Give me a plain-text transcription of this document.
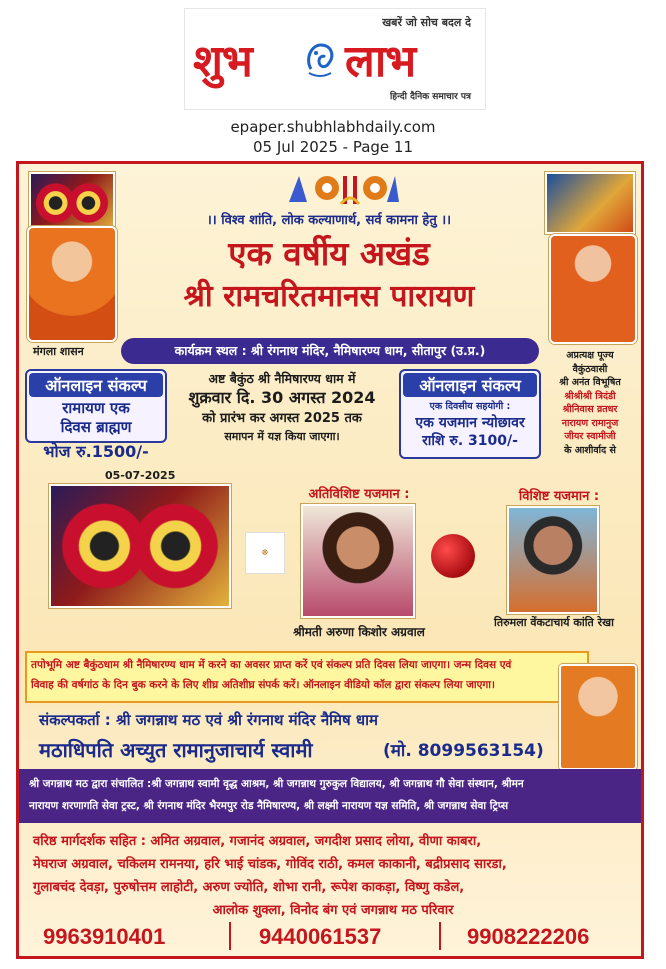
खबरें जो सोच बदल दे
शुभ लाभ
हिन्दी दैनिक समाचार पत्र
epaper.shubhlabhdaily.com
05 Jul 2025 - Page 11
।। विश्व शांति, लोक कल्याणार्थ, सर्व कामना हेतु ।।
एक वर्षीय अखंड
श्री रामचरितमानस पारायण
मंगला शासन	अप्रत्यक्ष पूज्य
वैकुंठवासी
श्री अनंत विभूषित
श्रीश्रीश्री त्रिदंडी
श्रीनिवास व्रतधर
नारायण रामानुज
जीयर स्वामीजी
के आशीर्वाद से
कार्यक्रम स्थल : श्री रंगनाथ मंदिर, नैमिषारण्य धाम, सीतापुर (उ.प्र.)
ऑनलाइन संकल्प
रामायण एक
दिवस ब्राह्मण
भोज रु.1500/-
अष्ट बैकुंठ श्री नैमिषारण्य धाम में
शुक्रवार दि. 30 अगस्त 2024
को प्रारंभ कर अगस्त 2025 तक
समापन में यज्ञ किया जाएगा।
ऑनलाइन संकल्प
एक दिवसीय सहयोगी :
एक यजमान न्योछावर
राशि रु. 3100/-
05-07-2025
☸
अतिविशिष्ट यजमान :
श्रीमती अरुणा किशोर अग्रवाल
विशिष्ट यजमान :
तिरुमला वेंकटाचार्य कांति रेखा
तपोभूमि अष्ट बैकुंठधाम श्री नैमिषारण्य धाम में करने का अवसर प्राप्त करें एवं संकल्प प्रति दिवस लिया जाएगा। जन्म दिवस एवं
विवाह की वर्षगांठ के दिन बुक करने के लिए शीघ्र अतिशीघ्र संपर्क करें। ऑनलाइन वीडियो कॉल द्वारा संकल्प लिया जाएगा।
संकल्पकर्ता : श्री जगन्नाथ मठ एवं श्री रंगनाथ मंदिर नैमिष धाम
मठाधिपति अच्युत रामानुजाचार्य स्वामी	(मो. 8099563154)
श्री जगन्नाथ मठ द्वारा संचालित :श्री जगन्नाथ स्वामी वृद्ध आश्रम, श्री जगन्नाथ गुरुकुल विद्यालय, श्री जगन्नाथ गौ सेवा संस्थान, श्रीमन
नारायण शरणागति सेवा ट्रस्ट, श्री रंगनाथ मंदिर भैरमपुर रोड नैमिषारण्य, श्री लक्ष्मी नारायण यज्ञ समिति, श्री जगन्नाथ सेवा ट्रिप्स
वरिष्ठ मार्गदर्शक सहित : अमित अग्रवाल, गजानंद अग्रवाल, जगदीश प्रसाद लोया, वीणा काबरा,
मेघराज अग्रवाल, चकिलम रामनया, हरि भाई चांडक, गोविंद राठी, कमल काकानी, बद्रीप्रसाद सारडा,
गुलाबचंद देवड़ा, पुरुषोत्तम लाहोटी, अरुण ज्योति, शोभा रानी, रूपेश काकड़ा, विष्णु कडेल,
आलोक शुक्ला, विनोद बंग एवं जगन्नाथ मठ परिवार
9963910401	9440061537	9908222206
